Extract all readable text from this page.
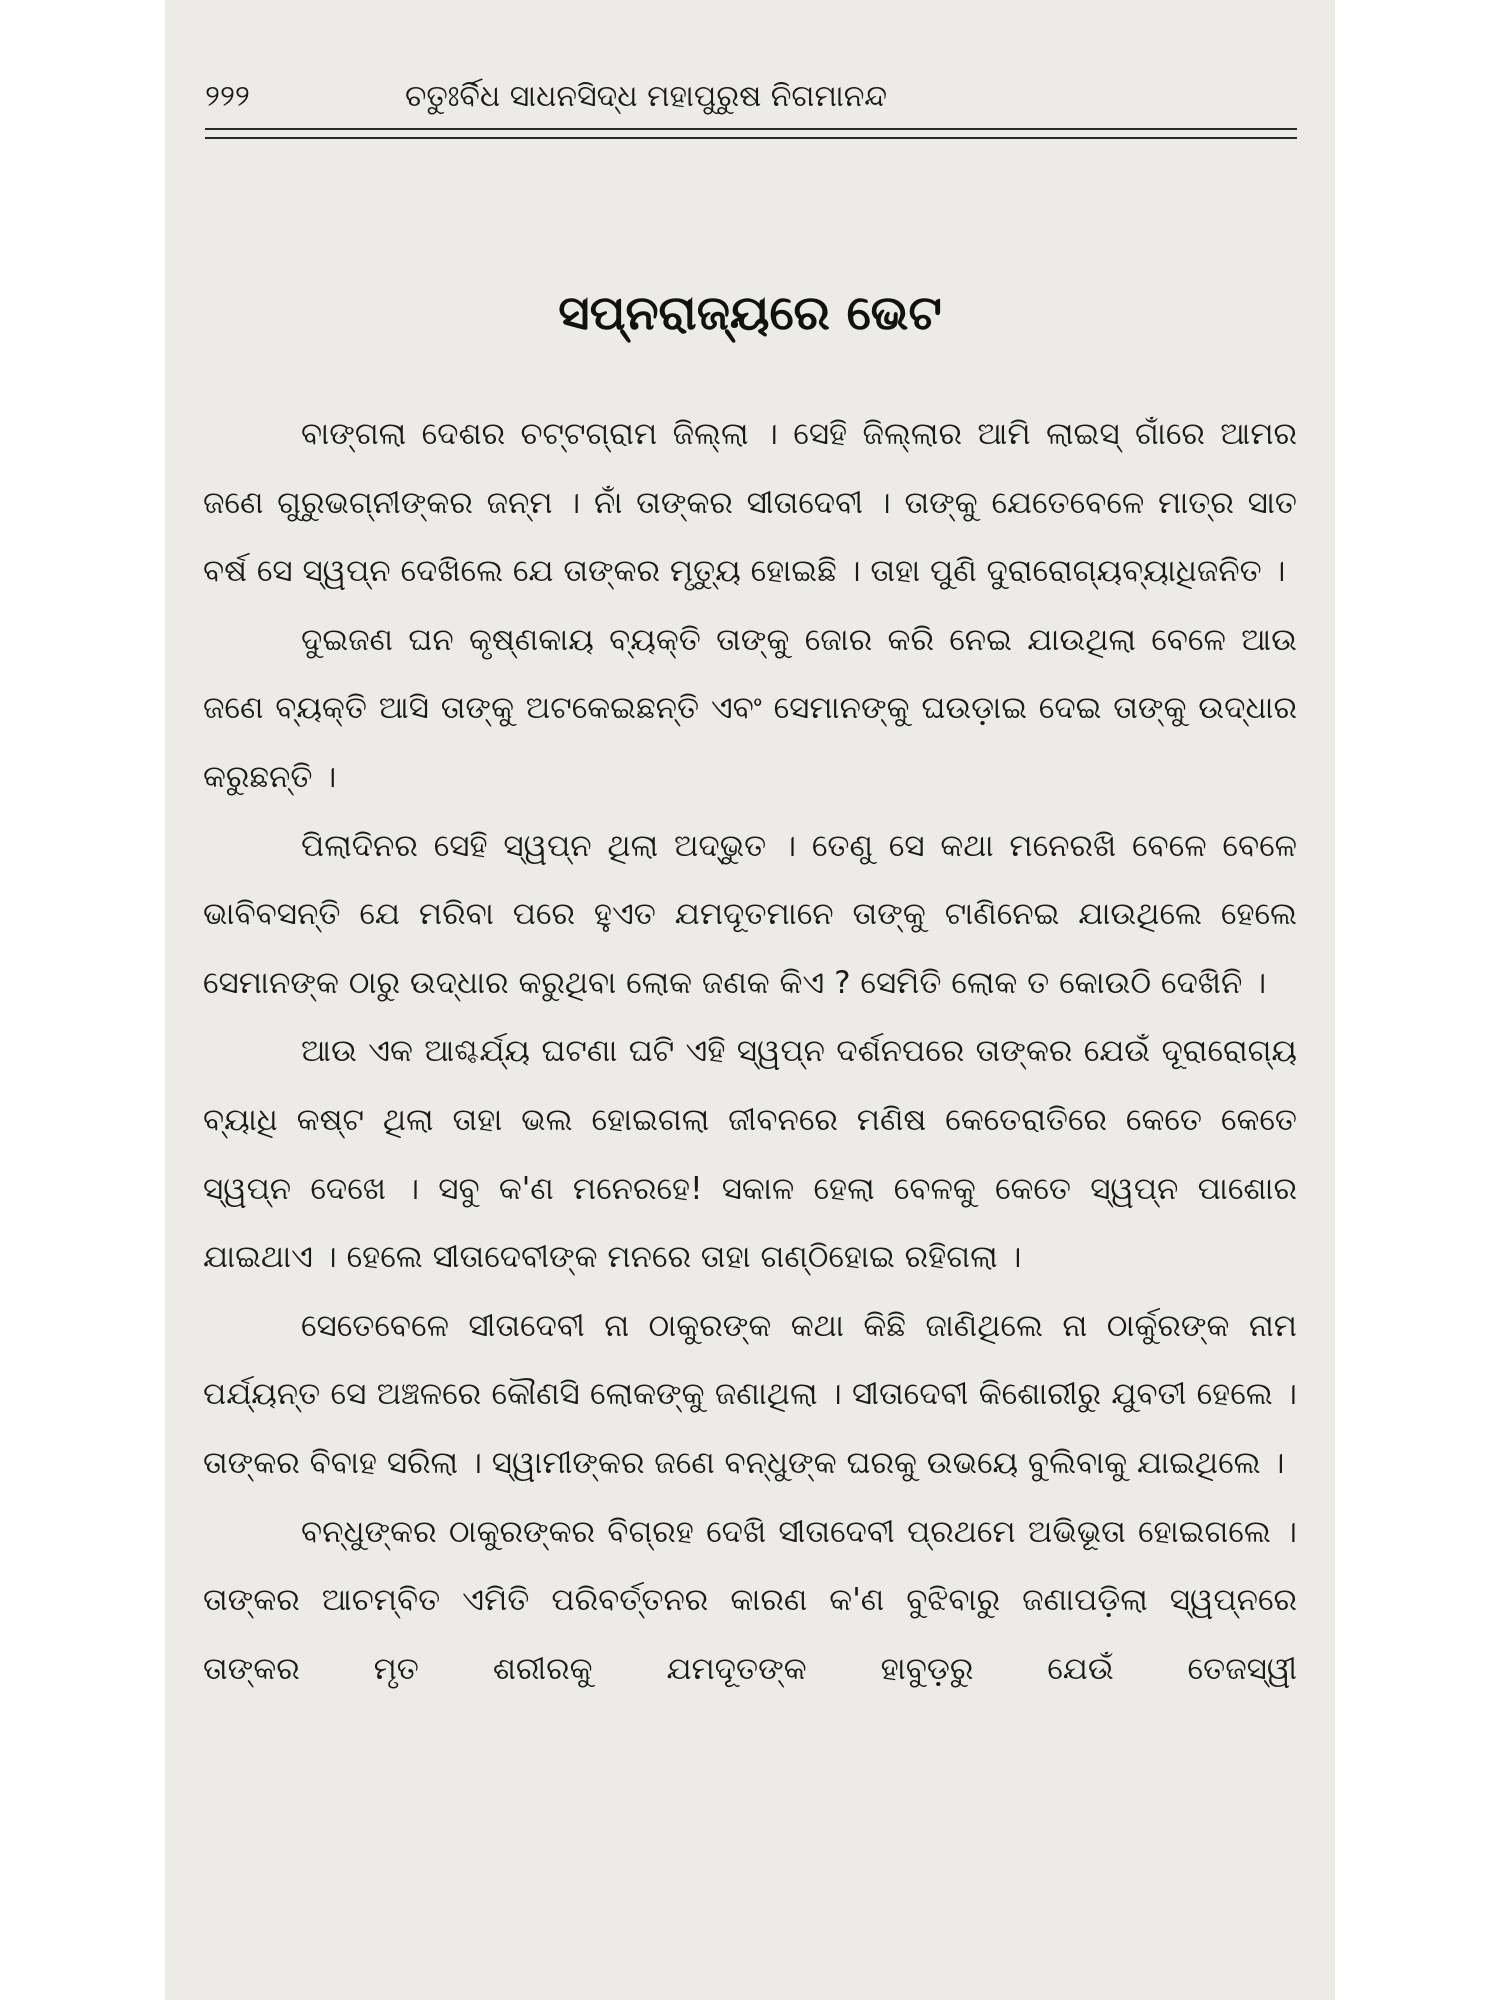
୨୨୨	ଚତୁଃର୍ବିଧ ସାଧନସିଦ୍ଧ ମହାପୁରୁଷ ନିଗମାନନ୍ଦ
ସପ୍ନରାଜ୍ୟରେ ଭେଟ

ବାଙ୍ଗଲା ଦେଶର ଚଟ୍ଟଗ୍ରାମ ଜିଲ୍ଲା । ସେହି ଜିଲ୍ଲାର ଆମି ଲାଇସ୍ ଗାଁରେ ଆମର ଜଣେ ଗୁରୁଭଗ୍ନୀଙ୍କର ଜନ୍ମ । ନାଁ ତାଙ୍କର ସୀତାଦେବୀ । ତାଙ୍କୁ ଯେତେବେଳେ ମାତ୍ର ସାତ ବର୍ଷ ସେ ସ୍ୱପ୍ନ ଦେଖିଲେ ଯେ ତାଙ୍କର ମୃତ୍ୟୁ ହୋଇଛି । ତାହା ପୁଣି ଦୁରାରୋଗ୍ୟବ୍ୟାଧିଜନିତ ।

ଦୁଇଜଣ ଘନ କୃଷ୍ଣକାୟ ବ୍ୟକ୍ତି ତାଙ୍କୁ ଜୋର କରି ନେଇ ଯାଉଥିଲା ବେଳେ ଆଉ ଜଣେ ବ୍ୟକ୍ତି ଆସି ତାଙ୍କୁ ଅଟକେଇଛନ୍ତି ଏବଂ ସେମାନଙ୍କୁ ଘଉଡ଼ାଇ ଦେଇ ତାଙ୍କୁ ଉଦ୍ଧାର କରୁଛନ୍ତି ।

ପିଲାଦିନର ସେହି ସ୍ୱପ୍ନ ଥିଲା ଅଦ୍ଭୁତ । ତେଣୁ ସେ କଥା ମନେରଖି ବେଳେ ବେଳେ ଭାବିବସନ୍ତି ଯେ ମରିବା ପରେ ହୁଏତ ଯମଦୂତମାନେ ତାଙ୍କୁ ଟାଣିନେଇ ଯାଉଥିଲେ ହେଲେ ସେମାନଙ୍କ ଠାରୁ ଉଦ୍ଧାର କରୁଥିବା ଲୋକ ଜଣକ କିଏ ? ସେମିତି ଲୋକ ତ କୋଉଠି ଦେଖିନି ।

ଆଉ ଏକ ଆଶ୍ଚର୍ଯ୍ୟ ଘଟଣା ଘଟି ଏହି ସ୍ୱପ୍ନ ଦର୍ଶନପରେ ତାଙ୍କର ଯେଉଁ ଦୂରାରୋଗ୍ୟ ବ୍ୟାଧି କଷ୍ଟ ଥିଲା ତାହା ଭଲ ହୋଇଗଲା ଜୀବନରେ ମଣିଷ କେତେରାତିରେ କେତେ କେତେ ସ୍ୱପ୍ନ ଦେଖେ । ସବୁ କ'ଣ ମନେରହେ! ସକାଳ ହେଲା ବେଳକୁ କେତେ ସ୍ୱପ୍ନ ପାଶୋର ଯାଇଥାଏ । ହେଲେ ସୀତାଦେବୀଙ୍କ ମନରେ ତାହା ଗଣ୍ଠିହୋଇ ରହିଗଲା ।

ସେତେବେଳେ ସୀତାଦେବୀ ନା ଠାକୁରଙ୍କ କଥା କିଛି ଜାଣିଥିଲେ ନା ଠାର୍କୁରଙ୍କ ନାମ ପର୍ଯ୍ୟନ୍ତ ସେ ଅଞ୍ଚଳରେ କୌଣସି ଲୋକଙ୍କୁ ଜଣାଥିଲା । ସୀତାଦେବୀ କିଶୋରୀରୁ ଯୁବତୀ ହେଲେ । ତାଙ୍କର ବିବାହ ସରିଲା । ସ୍ୱାମୀଙ୍କର ଜଣେ ବନ୍ଧୁଙ୍କ ଘରକୁ ଉଭୟେ ବୁଲିବାକୁ ଯାଇଥିଲେ ।

ବନ୍ଧୁଙ୍କର ଠାକୁରଙ୍କର ବିଗ୍ରହ ଦେଖି ସୀତାଦେବୀ ପ୍ରଥମେ ଅଭିଭୂତା ହୋଇଗଲେ । ତାଙ୍କର ଆଚମ୍ବିତ ଏମିତି ପରିବର୍ତ୍ତନର କାରଣ କ'ଣ ବୁଝିବାରୁ ଜଣାପଡ଼ିଲା ସ୍ୱପ୍ନରେ ତାଙ୍କର ମୃତ ଶରୀରକୁ ଯମଦୂତଙ୍କ ହାବୁଡ଼ରୁ ଯେଉଁ ତେଜସ୍ୱୀ
